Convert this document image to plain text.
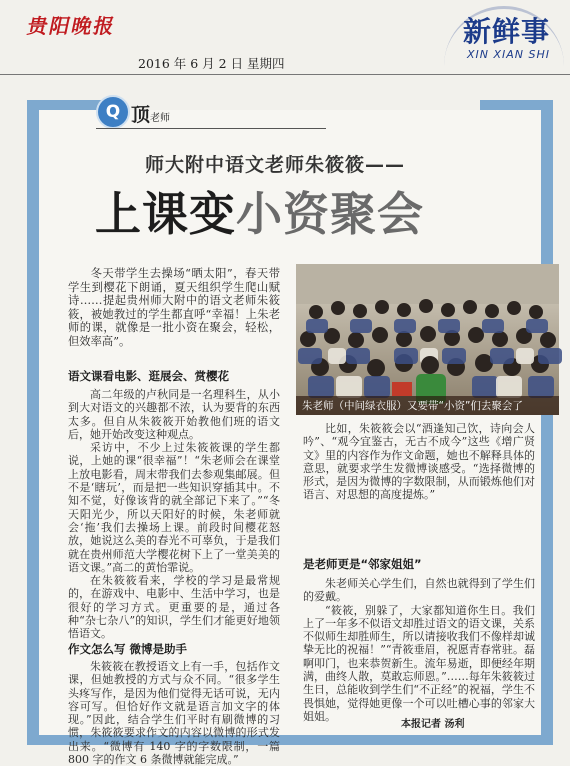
贵阳晚报
2016 年 6 月 2 日 星期四
新鲜事
XIN XIAN SHI
Q 顶老师
师大附中语文老师朱筱筱——
上课变小资聚会

冬天带学生去操场“晒太阳”，春天带学生到樱花下朗诵，夏天组织学生爬山赋诗……提起贵州师大附中的语文老师朱筱筱，被她教过的学生都直呼“幸福！上朱老师的课，就像是一批小资在聚会，轻松，但效率高”。

朱老师（中间绿衣服）又要带“小资”们去聚会了
语文课看电影、逛展会、赏樱花

高二年级的卢秋同是一名理科生，从小到大对语文的兴趣都不浓，认为要背的东西太多。但自从朱筱筱开始教他们班的语文后，她开始改变这种观点。

采访中，不少上过朱筱筱课的学生都说，上她的课“很幸福”！“朱老师会在课堂上放电影看，周末带我们去参观集邮展。但不是‘瞎玩’，而是把一些知识穿插其中。不知不觉，好像该背的就全部记下来了。”“冬天阳光少，所以天阳好的时候，朱老师就会‘拖’我们去操场上课。前段时间樱花怒放，她说这么美的春光不可辜负，于是我们就在贵州师范大学樱花树下上了一堂美美的语文课。”高二的黄怡霏说。

在朱筱筱看来，学校的学习是最常规的，在游戏中、电影中、生活中学习，也是很好的学习方式。更重要的是，通过各种“杂七杂八”的知识，学生们才能更好地领悟语文。

作文怎么写 微博是助手

朱筱筱在教授语文上有一手，包括作文课，但她教授的方式与众不同。“很多学生头疼写作，是因为他们觉得无话可说，无内容可写。但恰好作文就是语言加文字的体现。”因此，结合学生们平时有刷微博的习惯，朱筱筱要求作文的内容以微博的形式发出来。“微博有 140 字的字数限制，一篇 800 字的作文 6 条微博就能完成。”

比如，朱筱筱会以“酒逢知己饮，诗向会人吟”、“观今宜鉴古，无古不成今”这些《增广贤文》里的内容作为作文命题，她也不解释具体的意思，就要求学生发微博谈感受。“选择微博的形式，是因为微博的字数限制，从而锻炼他们对语言、对思想的高度提炼。”

是老师更是“邻家姐姐”

朱老师关心学生们，自然也就得到了学生们的爱戴。

“筱筱，别躲了，大家都知道你生日。我们上了一年多不似语文却胜过语文的语文课，关系不似师生却胜师生，所以请接收我们不像样却诚挚无比的祝福！”“青筱垂眉，祝愿青春常驻。磊啊叩门，也来恭贺新生。流年易逝，即便经年期满，曲终人散，莫敢忘师恩。”……每年朱筱筱过生日，总能收到学生们“不正经”的祝福，学生不畏惧她，觉得她更像一个可以吐槽心事的邻家大姐姐。

本报记者 汤利
